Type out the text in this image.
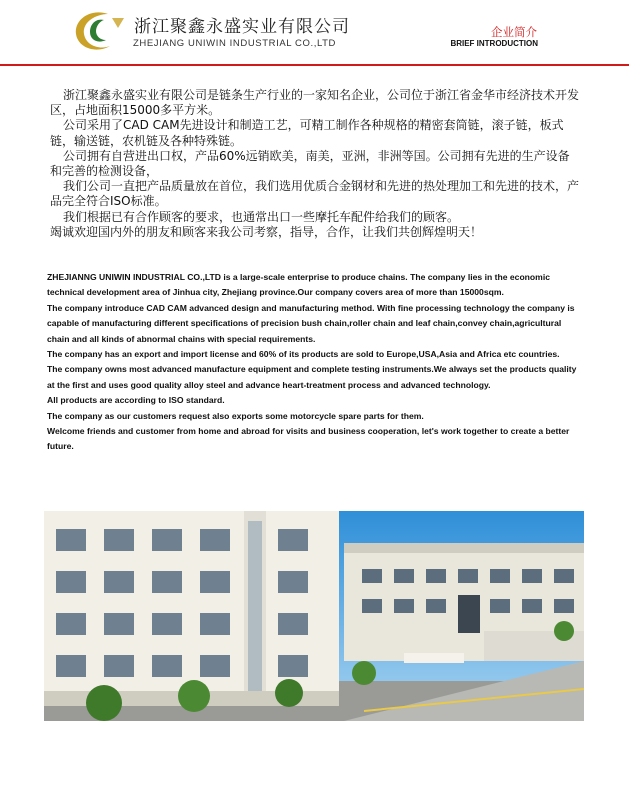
浙江聚鑫永盛实业有限公司
ZHEJIANG UNIWIN INDUSTRIAL CO.,LTD
企业简介
BRIEF INTRODUCTION

浙江聚鑫永盛实业有限公司是链条生产行业的一家知名企业，公司位于浙江省金华市经济技术开发区，占地面积15000多平方米。

公司采用了CAD CAM先进设计和制造工艺，可精工制作各种规格的精密套筒链，滚子链，板式链，输送链，农机链及各种特殊链。

公司拥有自营进出口权，产品60%远销欧美，南美，亚洲，非洲等国。公司拥有先进的生产设备和完善的检测设备，

我们公司一直把产品质量放在首位，我们选用优质合金钢材和先进的热处理加工和先进的技术，产品完全符合ISO标准。

我们根据已有合作顾客的要求，也通常出口一些摩托车配件给我们的顾客。

竭诚欢迎国内外的朋友和顾客来我公司考察，指导，合作，让我们共创辉煌明天！

ZHEJIANNG UNIWIN INDUSTRIAL CO.,LTD is a large-scale enterprise to produce chains. The company lies in the economic technical development area of Jinhua city, Zhejiang province.Our company covers area of more than 15000sqm.

The company introduce CAD CAM advanced design and manufacturing method. With fine processing technology the company is capable of manufacturing different specifications of precision bush chain,roller chain and leaf chain,convey chain,agricultural chain and all kinds of abnormal chains with special requirements.

The company has an export and import license and 60% of its products are sold to Europe,USA,Asia and Africa etc countries.

The company owns most advanced manufacture equipment and complete testing instruments.We always set the products quality at the first and uses good quality alloy steel and advance heart-treatment process and advanced technology.

All products are according to ISO standard.

The company as our customers request also exports some motorcycle spare parts for them.

Welcome friends and customer from home and abroad for visits and business cooperation, let's work together to create a better future.
